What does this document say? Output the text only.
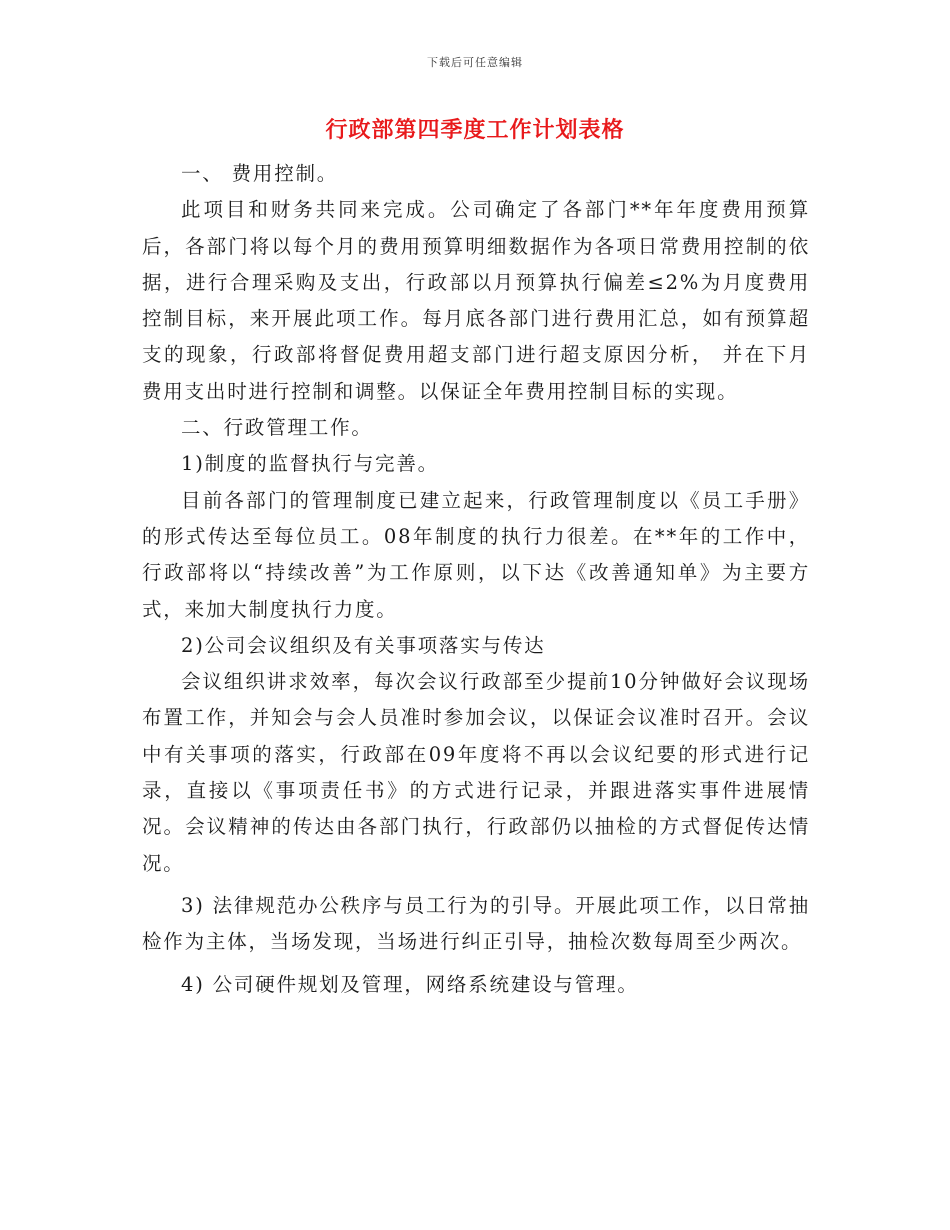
下载后可任意编辑
行政部第四季度工作计划表格

一、 费用控制。

此项目和财务共同来完成。公司确定了各部门**年年度费用预算后，各部门将以每个月的费用预算明细数据作为各项日常费用控制的依据，进行合理采购及支出，行政部以月预算执行偏差≤2%为月度费用控制目标，来开展此项工作。每月底各部门进行费用汇总，如有预算超支的现象，行政部将督促费用超支部门进行超支原因分析， 并在下月费用支出时进行控制和调整。以保证全年费用控制目标的实现。

二、行政管理工作。

1)制度的监督执行与完善。

目前各部门的管理制度已建立起来，行政管理制度以《员工手册》的形式传达至每位员工。08年制度的执行力很差。在**年的工作中，行政部将以“持续改善”为工作原则，以下达《改善通知单》为主要方式，来加大制度执行力度。

2)公司会议组织及有关事项落实与传达

会议组织讲求效率，每次会议行政部至少提前10分钟做好会议现场布置工作，并知会与会人员准时参加会议，以保证会议准时召开。会议中有关事项的落实，行政部在09年度将不再以会议纪要的形式进行记录，直接以《事项责任书》的方式进行记录，并跟进落实事件进展情况。会议精神的传达由各部门执行，行政部仍以抽检的方式督促传达情况。

3) 法律规范办公秩序与员工行为的引导。开展此项工作，以日常抽检作为主体，当场发现，当场进行纠正引导，抽检次数每周至少两次。

4) 公司硬件规划及管理，网络系统建设与管理。
